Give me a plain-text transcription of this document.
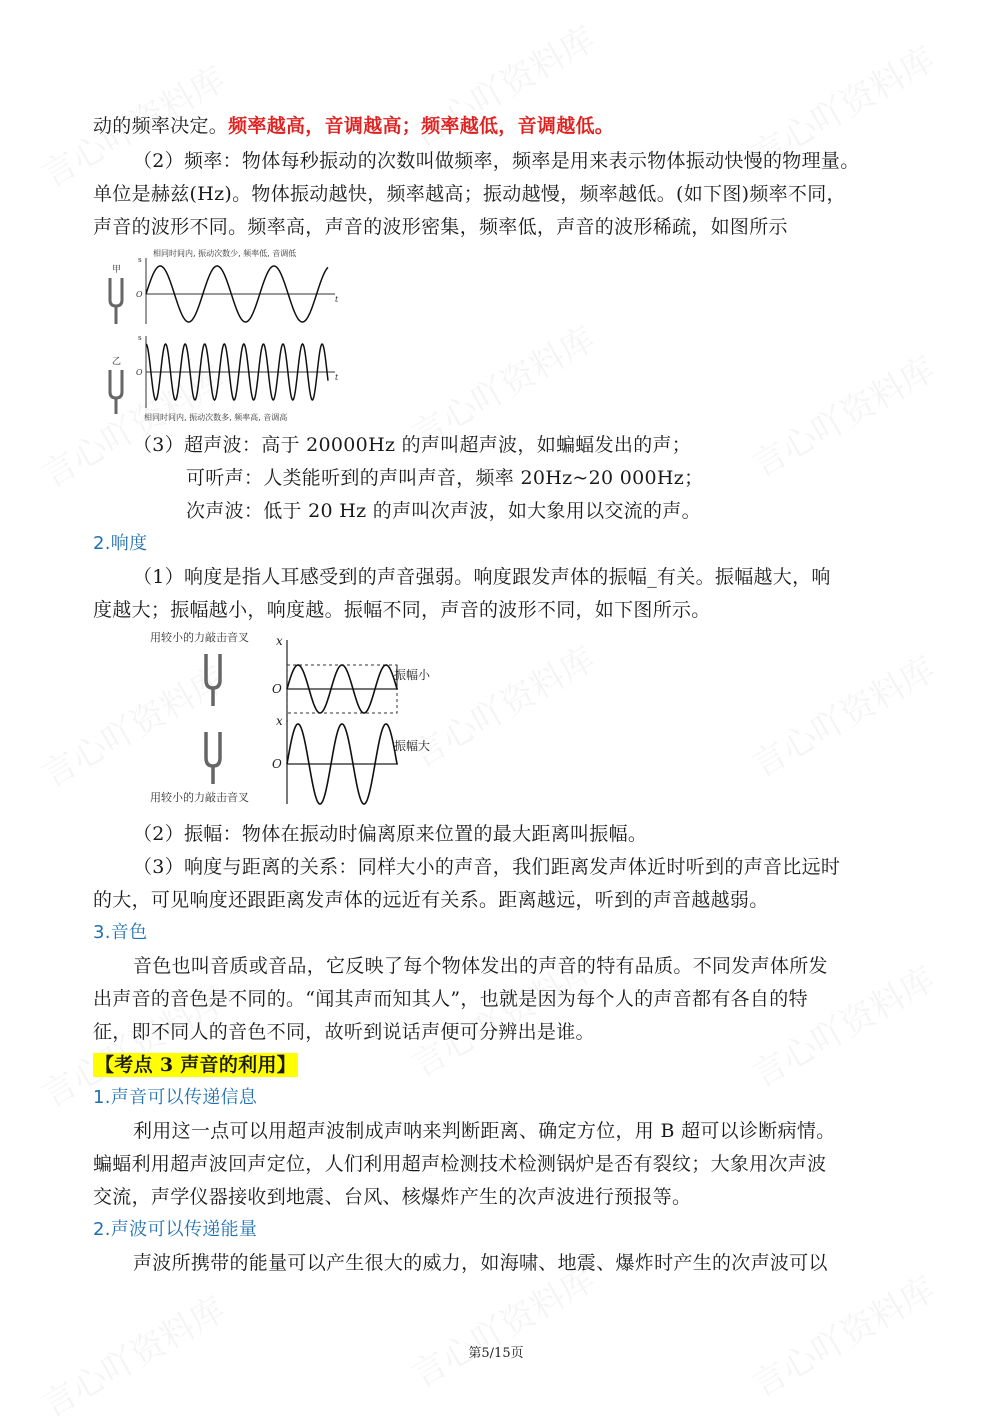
动的频率决定。频率越高，音调越高；频率越低，音调越低。
（2）频率：物体每秒振动的次数叫做频率，频率是用来表示物体振动快慢的物理量。
单位是赫兹(Hz)。物体振动越快，频率越高；振动越慢，频率越低。(如下图)频率不同，
声音的波形不同。频率高，声音的波形密集，频率低，声音的波形稀疏，如图所示
相同时间内, 振动次数少, 频率低, 音调低
甲
s
O
t
乙
s
O
t
相同时间内, 振动次数多, 频率高, 音调高
（3）超声波：高于 20000Hz 的声叫超声波，如蝙蝠发出的声；
可听声：人类能听到的声叫声音，频率 20Hz~20 000Hz；
次声波：低于 20 Hz 的声叫次声波，如大象用以交流的声。
2.响度
（1）响度是指人耳感受到的声音强弱。响度跟发声体的振幅_有关。振幅越大，响
度越大；振幅越小，响度越。振幅不同，声音的波形不同，如下图所示。
用较小的力敲击音叉 x
O
振幅小
x
O
振幅大
用较小的力敲击音叉
（2）振幅：物体在振动时偏离原来位置的最大距离叫振幅。
（3）响度与距离的关系：同样大小的声音，我们距离发声体近时听到的声音比远时
的大，可见响度还跟距离发声体的远近有关系。距离越远，听到的声音越越弱。
3.音色
音色也叫音质或音品，它反映了每个物体发出的声音的特有品质。不同发声体所发
出声音的音色是不同的。“闻其声而知其人”，也就是因为每个人的声音都有各自的特
征，即不同人的音色不同，故听到说话声便可分辨出是谁。
【考点 3 声音的利用】
1.声音可以传递信息
利用这一点可以用超声波制成声呐来判断距离、确定方位，用 B 超可以诊断病情。
蝙蝠利用超声波回声定位，人们利用超声检测技术检测锅炉是否有裂纹；大象用次声波
交流，声学仪器接收到地震、台风、核爆炸产生的次声波进行预报等。
2.声波可以传递能量
声波所携带的能量可以产生很大的威力，如海啸、地震、爆炸时产生的次声波可以
第5/15页
